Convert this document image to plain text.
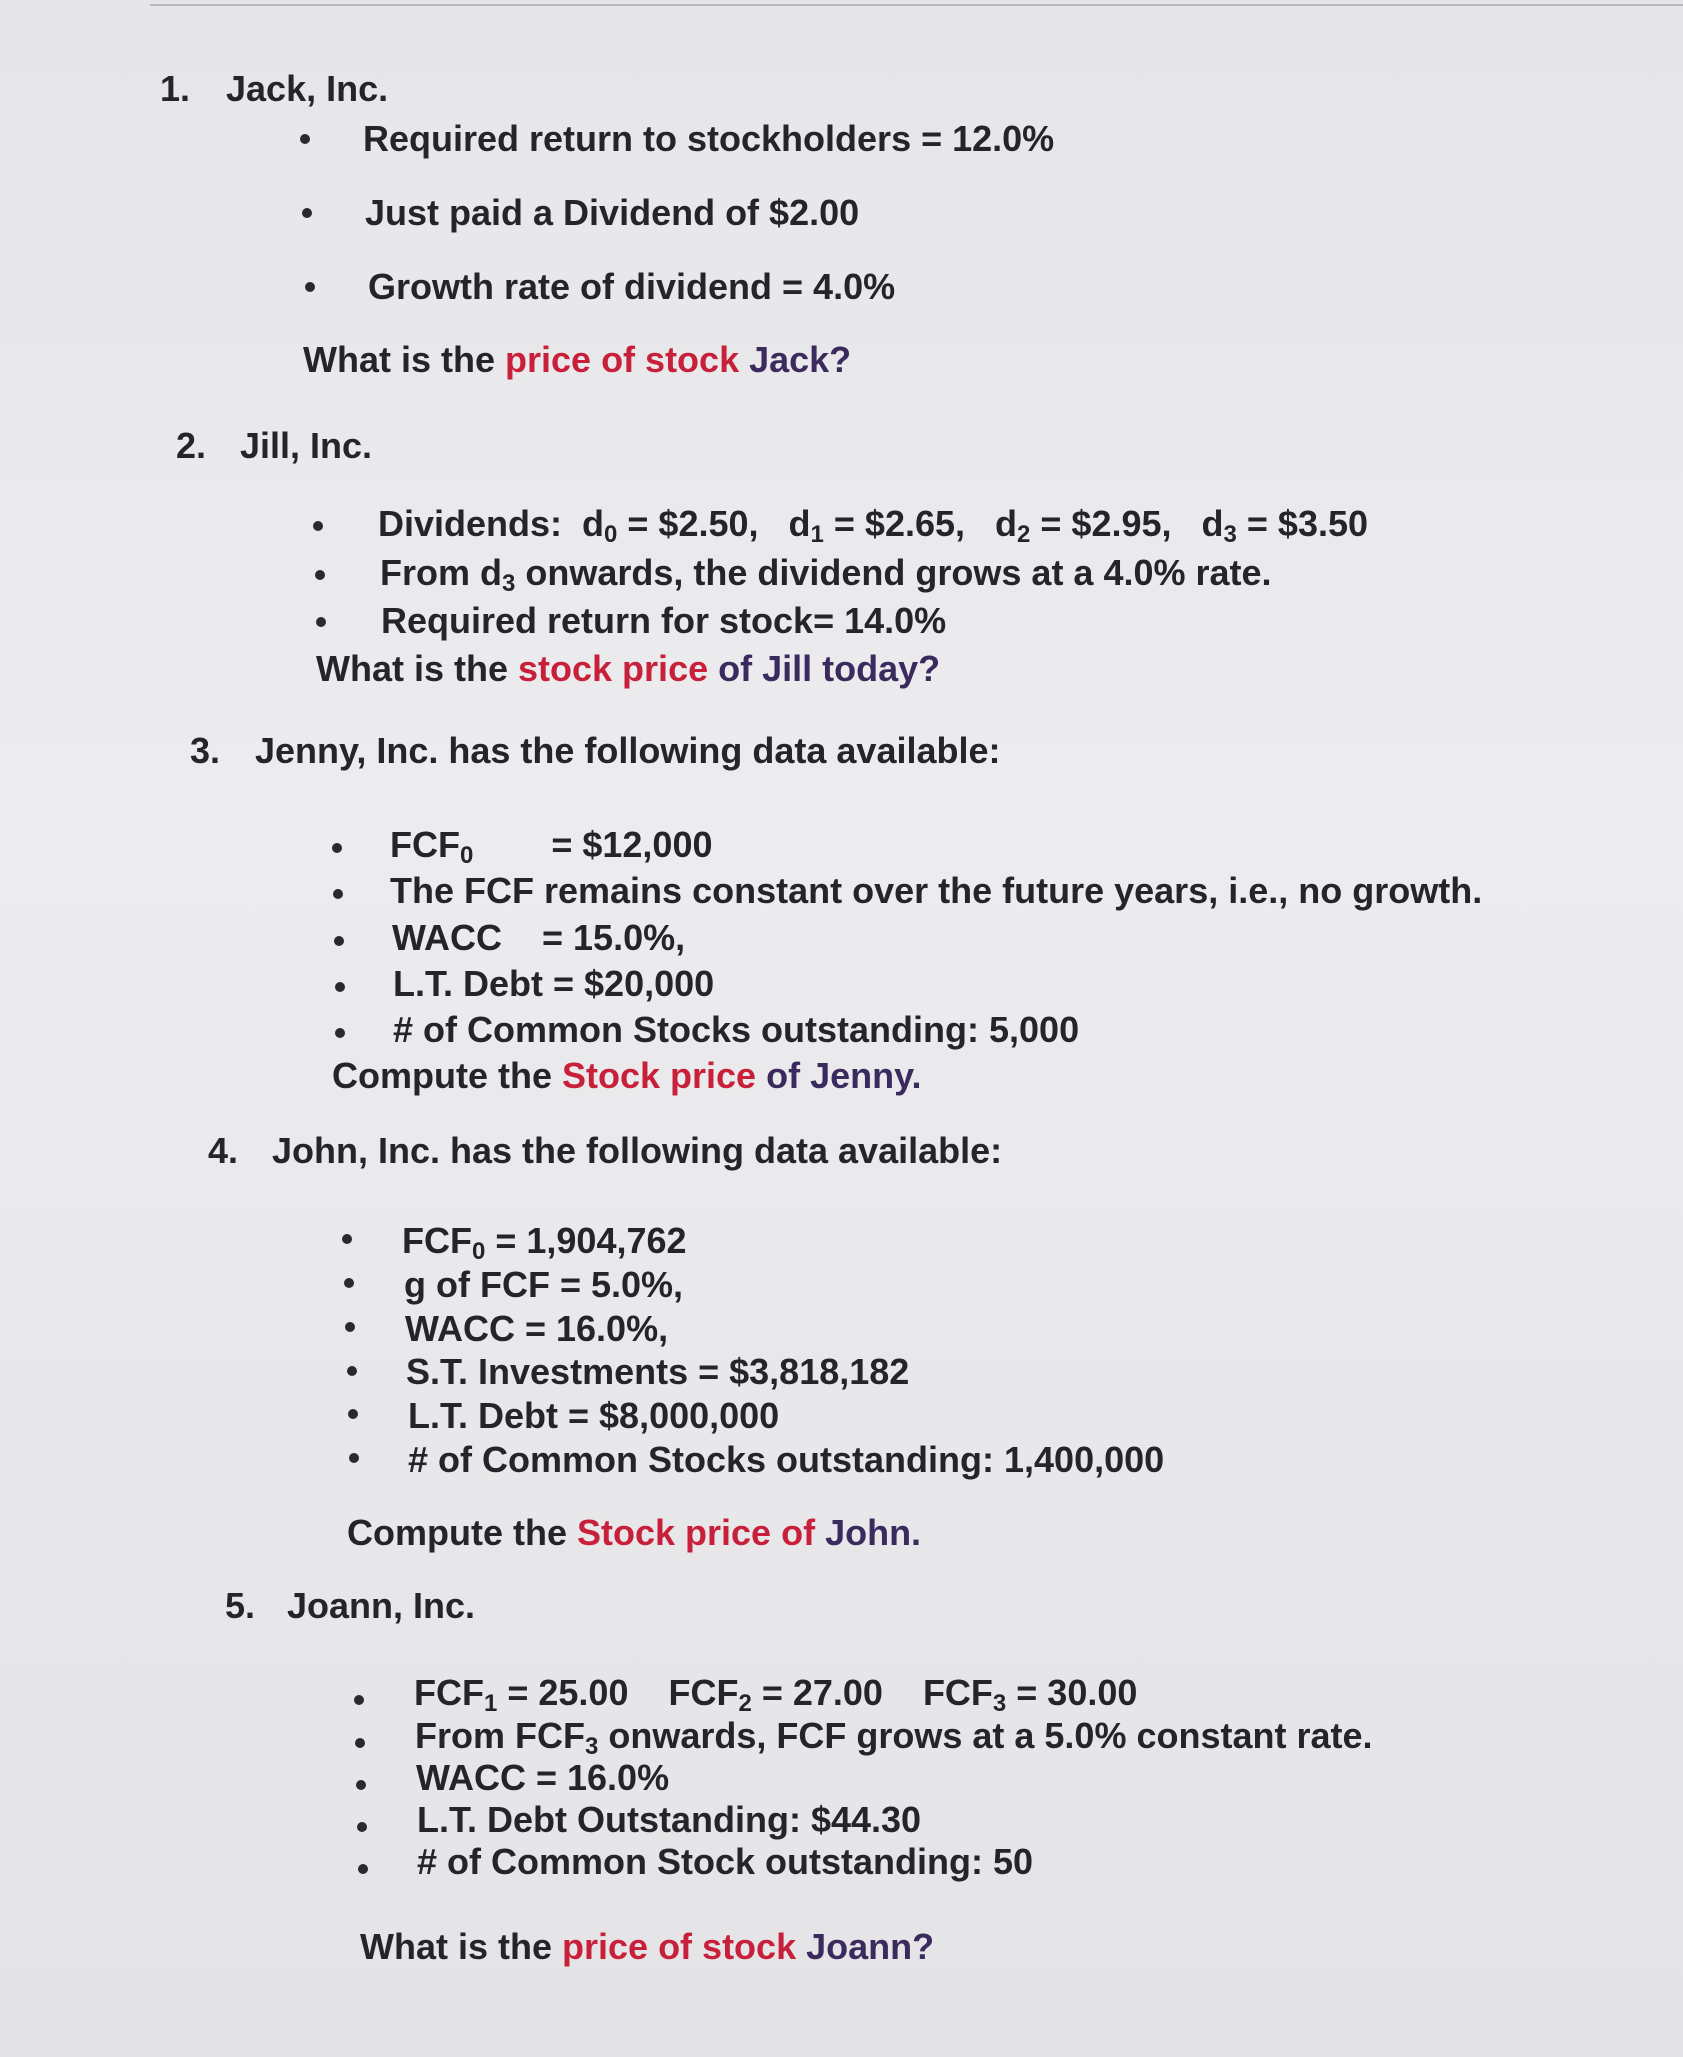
1. Jack, Inc.
Required return to stockholders = 12.0%
Just paid a Dividend of $2.00
Growth rate of dividend = 4.0%
What is the price of stock Jack?
2. Jill, Inc.
Dividends:  $d_0$ = $2.50, $d_1$ = $2.65, $d_2$ = $2.95, $d_3$ = $3.50
From $d_3$ onwards, the dividend grows at a 4.0% rate.
Required return for stock= 14.0%
What is the stock price of Jill today?
3. Jenny, Inc. has the following data available:
$FCF_0$ = $12,000
The FCF remains constant over the future years, i.e., no growth.
WACC    = 15.0%,
L.T. Debt = $20,000
# of Common Stocks outstanding: 5,000
Compute the Stock price of Jenny.
4. John, Inc. has the following data available:
$FCF_0 = 1,904,762$
g of FCF = 5.0%,
WACC = 16.0%,
S.T. Investments = $3,818,182
L.T. Debt = $8,000,000
# of Common Stocks outstanding: 1,400,000
Compute the Stock price of John.
5. Joann, Inc.
$FCF_1 = 25.00$ $FCF_2 = 27.00$ $FCF_3 = 30.00$
From $FCF_3$ onwards, FCF grows at a 5.0% constant rate.
WACC = 16.0%
L.T. Debt Outstanding: $44.30
# of Common Stock outstanding: 50
What is the price of stock Joann?
